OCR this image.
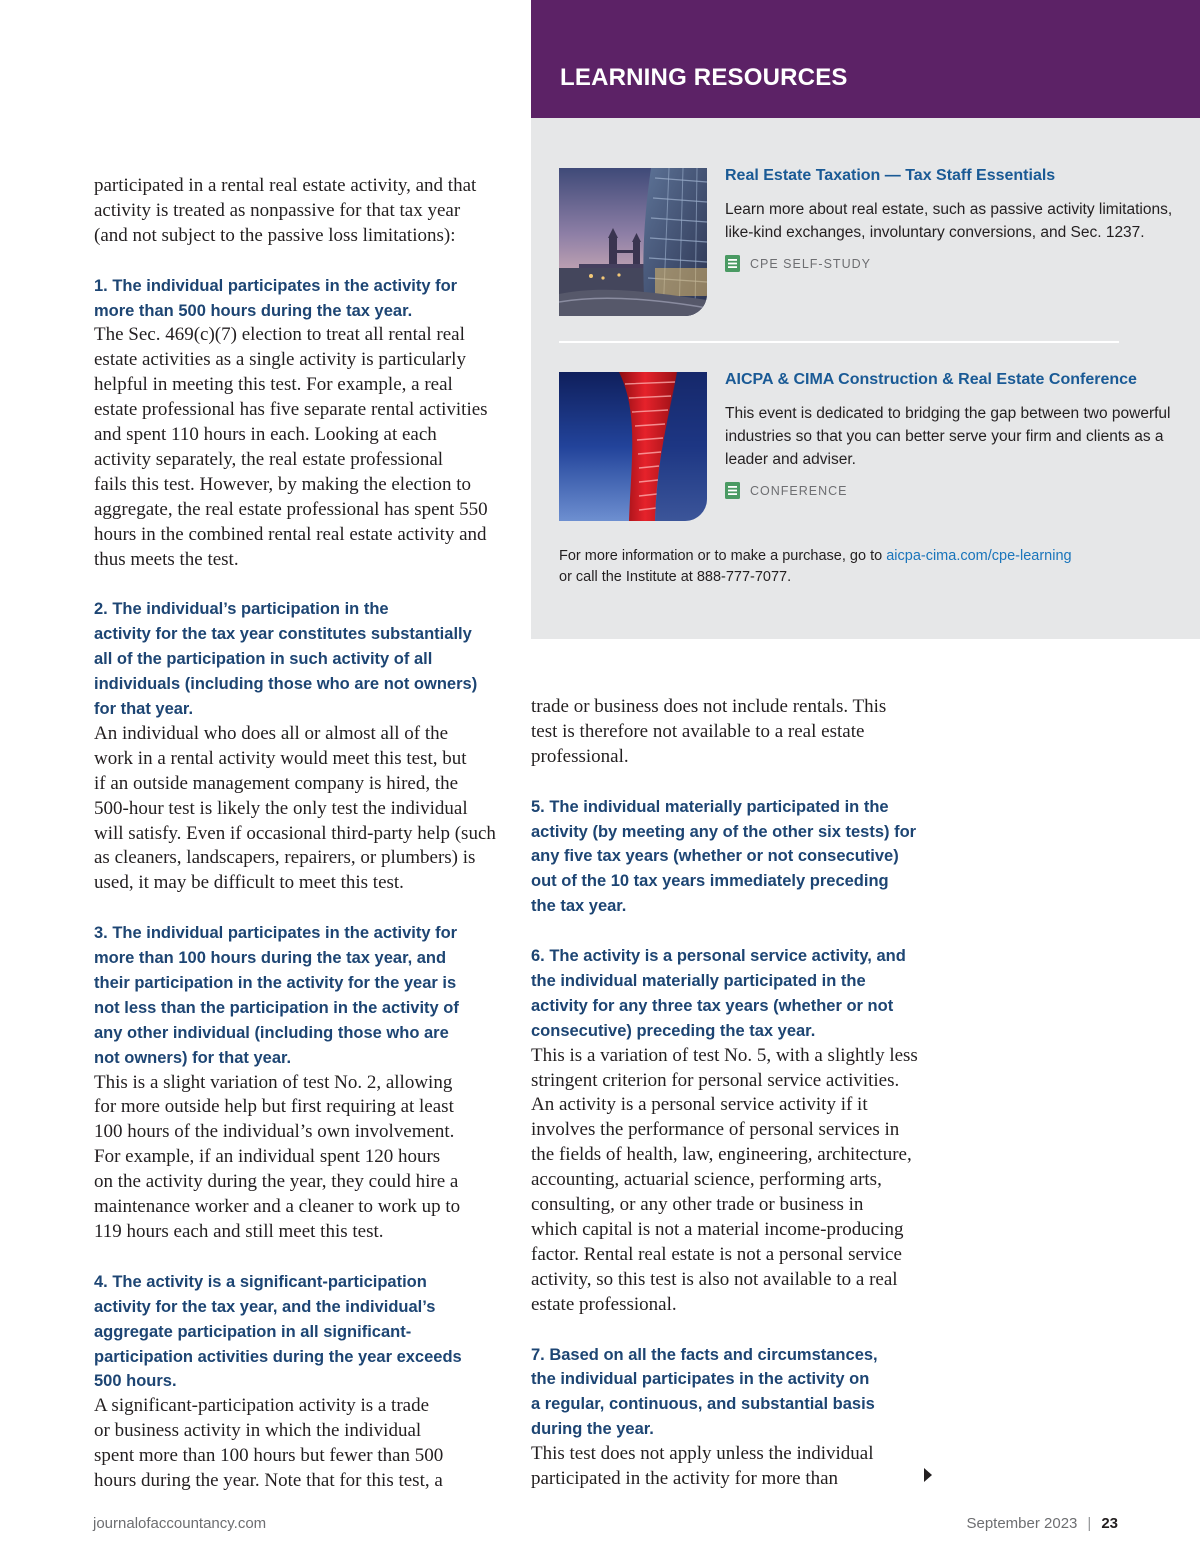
LEARNING RESOURCES
Real Estate Taxation — Tax Staff Essentials

Learn more about real estate, such as passive activity limitations, like-kind exchanges, involuntary conversions, and Sec. 1237.

CPE SELF-STUDY
AICPA & CIMA Construction & Real Estate Conference

This event is dedicated to bridging the gap between two powerful industries so that you can better serve your firm and clients as a leader and adviser.

CONFERENCE

For more information or to make a purchase, go to aicpa-cima.com/cpe-learning
or call the Institute at 888-777-7077.

participated in a rental real estate activity, and that

activity is treated as nonpassive for that tax year

(and not subject to the passive loss limitations):

1. The individual participates in the activity for
more than 500 hours during the tax year.

The Sec. 469(c)(7) election to treat all rental real

estate activities as a single activity is particularly

helpful in meeting this test. For example, a real

estate professional has five separate rental activities

and spent 110 hours in each. Looking at each

activity separately, the real estate professional

fails this test. However, by making the election to

aggregate, the real estate professional has spent 550

hours in the combined rental real estate activity and

thus meets the test.

2. The individual’s participation in the
activity for the tax year constitutes substantially
all of the participation in such activity of all
individuals (including those who are not owners)
for that year.

An individual who does all or almost all of the

work in a rental activity would meet this test, but

if an outside management company is hired, the

500-hour test is likely the only test the individual

will satisfy. Even if occasional third-party help (such

as cleaners, landscapers, repairers, or plumbers) is

used, it may be difficult to meet this test.

3. The individual participates in the activity for
more than 100 hours during the tax year, and
their participation in the activity for the year is
not less than the participation in the activity of
any other individual (including those who are
not owners) for that year.

This is a slight variation of test No. 2, allowing

for more outside help but first requiring at least

100 hours of the individual’s own involvement.

For example, if an individual spent 120 hours

on the activity during the year, they could hire a

maintenance worker and a cleaner to work up to

119 hours each and still meet this test.

4. The activity is a significant-participation
activity for the tax year, and the individual’s
aggregate participation in all significant-
participation activities during the year exceeds
500 hours.

A significant-participation activity is a trade

or business activity in which the individual

spent more than 100 hours but fewer than 500

hours during the year. Note that for this test, a

trade or business does not include rentals. This

test is therefore not available to a real estate

professional.

5. The individual materially participated in the
activity (by meeting any of the other six tests) for
any five tax years (whether or not consecutive)
out of the 10 tax years immediately preceding
the tax year.
6. The activity is a personal service activity, and
the individual materially participated in the
activity for any three tax years (whether or not
consecutive) preceding the tax year.

This is a variation of test No. 5, with a slightly less

stringent criterion for personal service activities.

An activity is a personal service activity if it

involves the performance of personal services in

the fields of health, law, engineering, architecture,

accounting, actuarial science, performing arts,

consulting, or any other trade or business in

which capital is not a material income-producing

factor. Rental real estate is not a personal service

activity, so this test is also not available to a real

estate professional.

7. Based on all the facts and circumstances,
the individual participates in the activity on
a regular, continuous, and substantial basis
during the year.

This test does not apply unless the individual

participated in the activity for more than

journalofaccountancy.com	September 2023 | 23
